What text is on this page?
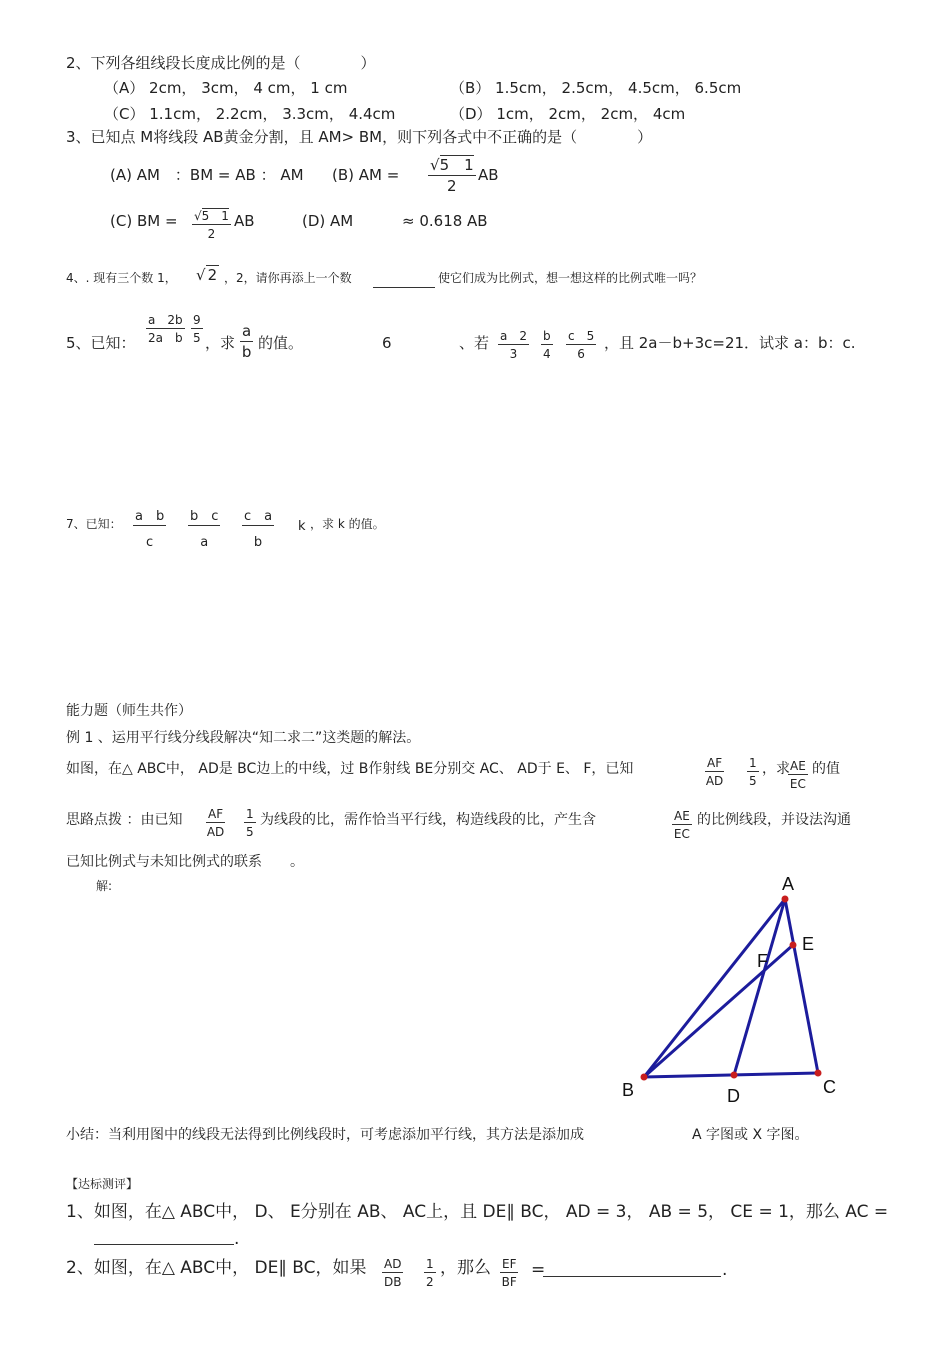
2、下列各组线段长度成比例的是（　　　　）
（A） 2cm， 3cm， 4 cm， 1 cm	（B） 1.5cm， 2.5cm， 4.5cm， 6.5cm
（C） 1.1cm， 2.2cm， 3.3cm， 4.4cm	（D） 1cm， 2cm， 2cm， 4cm
3、已知点 M将线段 AB黄金分割，且 AM> BM，则下列各式中不正确的是（　　　　）
(A) AM　：BM = AB ： AM (B) AM = $\frac{√5 1}{2}$ AB
(C) BM = $\frac{√5 1}{2}$ AB	(D) AM	≈ 0.618 AB
4、. 现有三个数 1， √ 2 ，2，请你再添上一个数	使它们成为比例式，想一想这样的比例式唯一吗？
5、已知： $\frac{a 2b}{\text{2a　b}} \frac{9}{5}$ ，求 $\frac{a}{b}$ 的值。	6	、若 $\frac{a 2}{3} \frac{b}{4} \frac{c 5}{6}$ ，且 2a－b+3c=21．试求 a：b：c.
7、已知： $\frac{\text{a　b}}{c} \frac{\text{b　c}}{a} \frac{\text{c　a}}{b}$ k ，求 k 的值。
能力题（师生共作）
例 1 、运用平行线分线段解决“知二求二”这类题的解法。
如图，在△ ABC中， AD是 BC边上的中线，过 B作射线 BE分别交 AC、 AD于 E、 F，已知	$\frac{AF}{AD} \frac{1}{5}$ ，求
$\frac{AE}{EC}$ 的值
思路点拨 ：由已知 $\frac{AF}{AD} \frac{1}{5}$ 为线段的比，需作恰当平行线，构造线段的比，产生含	$\frac{AE}{EC}$ 的比例线段，并设法沟通
已知比例式与未知比例式的联系　　。
解:	A
B	C
D
E
F
小结：当利用图中的线段无法得到比例线段时，可考虑添加平行线，其方法是添加成	A 字图或 X 字图。
【达标测评】
1、如图，在△ ABC中， D、 E分别在 AB、 AC上，且 DE∥ BC， AD = 3， AB = 5， CE = 1，那么 AC =
.
2、如图，在△ ABC中， DE∥ BC，如果 $\frac{AD}{DB} \frac{1}{2}$ ，那么 $\frac{EF}{BF}$ =	.
